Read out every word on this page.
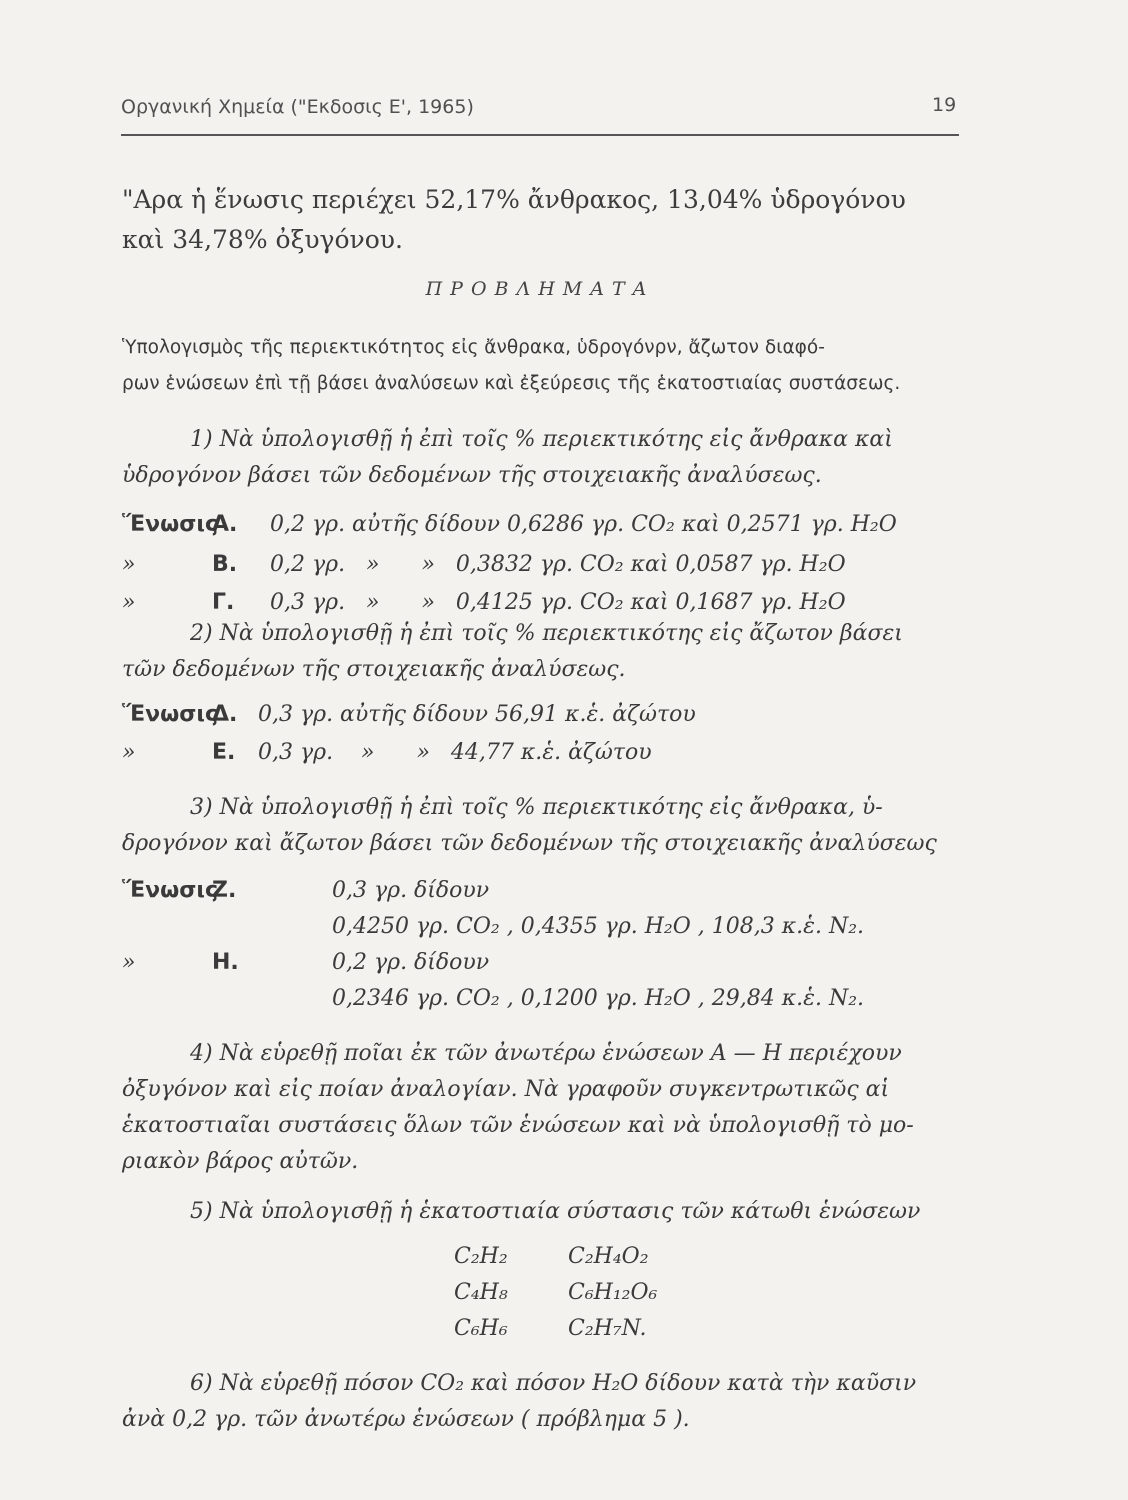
Οργανική Χημεία ("Εκδοσις Ε', 1965)	19
"Αρα ἡ ἕνωσις περιέχει 52,17% ἄνθρακος, 13,04% ὑδρογόνου
καὶ 34,78% ὀξυγόνου.
ΠΡΟΒΛΗΜΑΤΑ
Ὑπολογισμὸς τῆς περιεκτικότητος εἰς ἄνθρακα, ὑδρογόνρν, ἄζωτον διαφό-
ρων ἑνώσεων ἐπὶ τῇ βάσει ἀναλύσεων καὶ ἐξεύρεσις τῆς ἑκατοστιαίας συστάσεως.
1) Νὰ ὑπολογισθῇ ἡ ἐπὶ τοῖς % περιεκτικότης εἰς ἄνθρακα καὶ
ὑδρογόνον βάσει τῶν δεδομένων τῆς στοιχειακῆς ἀναλύσεως.
ἝνωσιςΑ. 0,2 γρ. αὐτῆς δίδουν 0,6286 γρ. CO₂ καὶ 0,2571 γρ. H₂O
»	Β. 0,2 γρ.   »      »   0,3832 γρ. CO₂ καὶ 0,0587 γρ. H₂O
»	Γ. 0,3 γρ.   »      »   0,4125 γρ. CO₂ καὶ 0,1687 γρ. H₂O
2) Νὰ ὑπολογισθῇ ἡ ἐπὶ τοῖς % περιεκτικότης εἰς ἄζωτον βάσει
τῶν δεδομένων τῆς στοιχειακῆς ἀναλύσεως.
ἝνωσιςΔ. 0,3 γρ. αὐτῆς δίδουν 56,91 κ.ἑ. ἀζώτου
»	Ε. 0,3 γρ.    »      »   44,77 κ.ἑ. ἀζώτου
3) Νὰ ὑπολογισθῇ ἡ ἐπὶ τοῖς % περιεκτικότης εἰς ἄνθρακα, ὑ-
δρογόνον καὶ ἄζωτον βάσει τῶν δεδομένων τῆς στοιχειακῆς ἀναλύσεως
ἝνωσιςΖ.	0,3 γρ. δίδουν
0,4250 γρ. CO₂ , 0,4355 γρ. H₂O , 108,3 κ.ἑ. N₂.
»	Η.	0,2 γρ. δίδουν
0,2346 γρ. CO₂ , 0,1200 γρ. H₂O , 29,84 κ.ἑ. N₂.
4) Νὰ εὑρεθῇ ποῖαι ἐκ τῶν ἀνωτέρω ἑνώσεων Α — Η περιέχουν
ὀξυγόνον καὶ εἰς ποίαν ἀναλογίαν. Νὰ γραφοῦν συγκεντρωτικῶς αἱ
ἑκατοστιαῖαι συστάσεις ὅλων τῶν ἑνώσεων καὶ νὰ ὑπολογισθῇ τὸ μο-
ριακὸν βάρος αὐτῶν.
5) Νὰ ὑπολογισθῇ ἡ ἑκατοστιαία σύστασις τῶν κάτωθι ἑνώσεων
C₂H₂	C₂H₄O₂
C₄H₈	C₆H₁₂O₆
C₆H₆	C₂H₇N.
6) Νὰ εὑρεθῇ πόσον CO₂ καὶ πόσον H₂O δίδουν κατὰ τὴν καῦσιν
ἀνὰ 0,2 γρ. τῶν ἀνωτέρω ἑνώσεων ( πρόβλημα 5 ).
